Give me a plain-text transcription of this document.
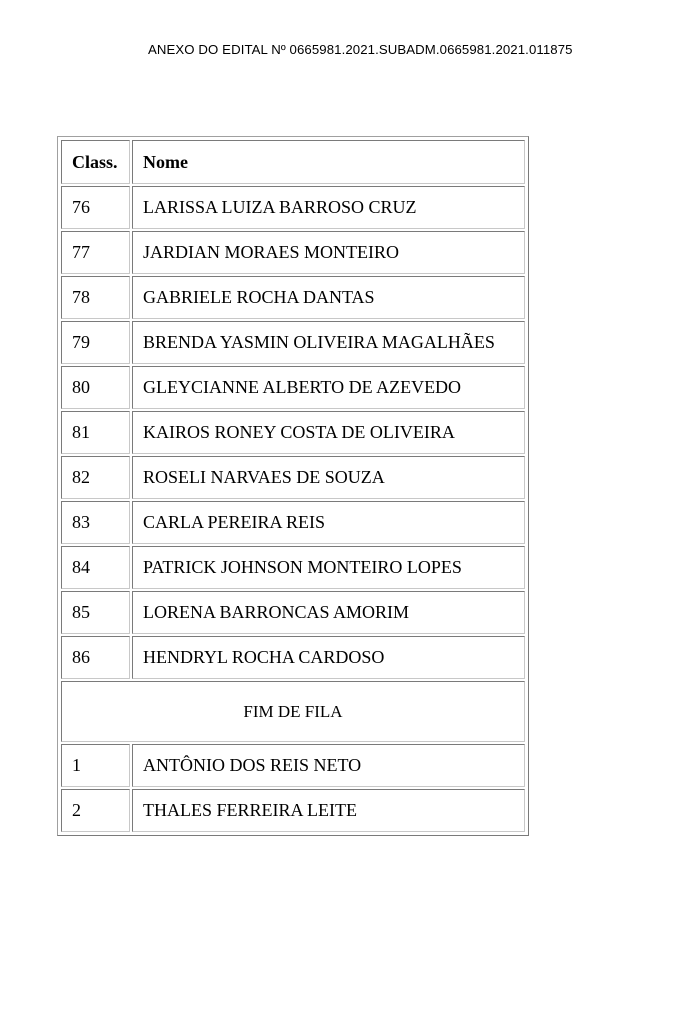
ANEXO DO EDITAL Nº 0665981.2021.SUBADM.0665981.2021.011875
Class.	Nome
76	LARISSA LUIZA BARROSO CRUZ
77	JARDIAN MORAES MONTEIRO
78	GABRIELE ROCHA DANTAS
79	BRENDA YASMIN OLIVEIRA MAGALHÃES
80	GLEYCIANNE ALBERTO DE AZEVEDO
81	KAIROS RONEY COSTA DE OLIVEIRA
82	ROSELI NARVAES DE SOUZA
83	CARLA PEREIRA REIS
84	PATRICK JOHNSON MONTEIRO LOPES
85	LORENA BARRONCAS AMORIM
86	HENDRYL ROCHA CARDOSO
FIM DE FILA	
1	ANTÔNIO DOS REIS NETO
2	THALES FERREIRA LEITE
